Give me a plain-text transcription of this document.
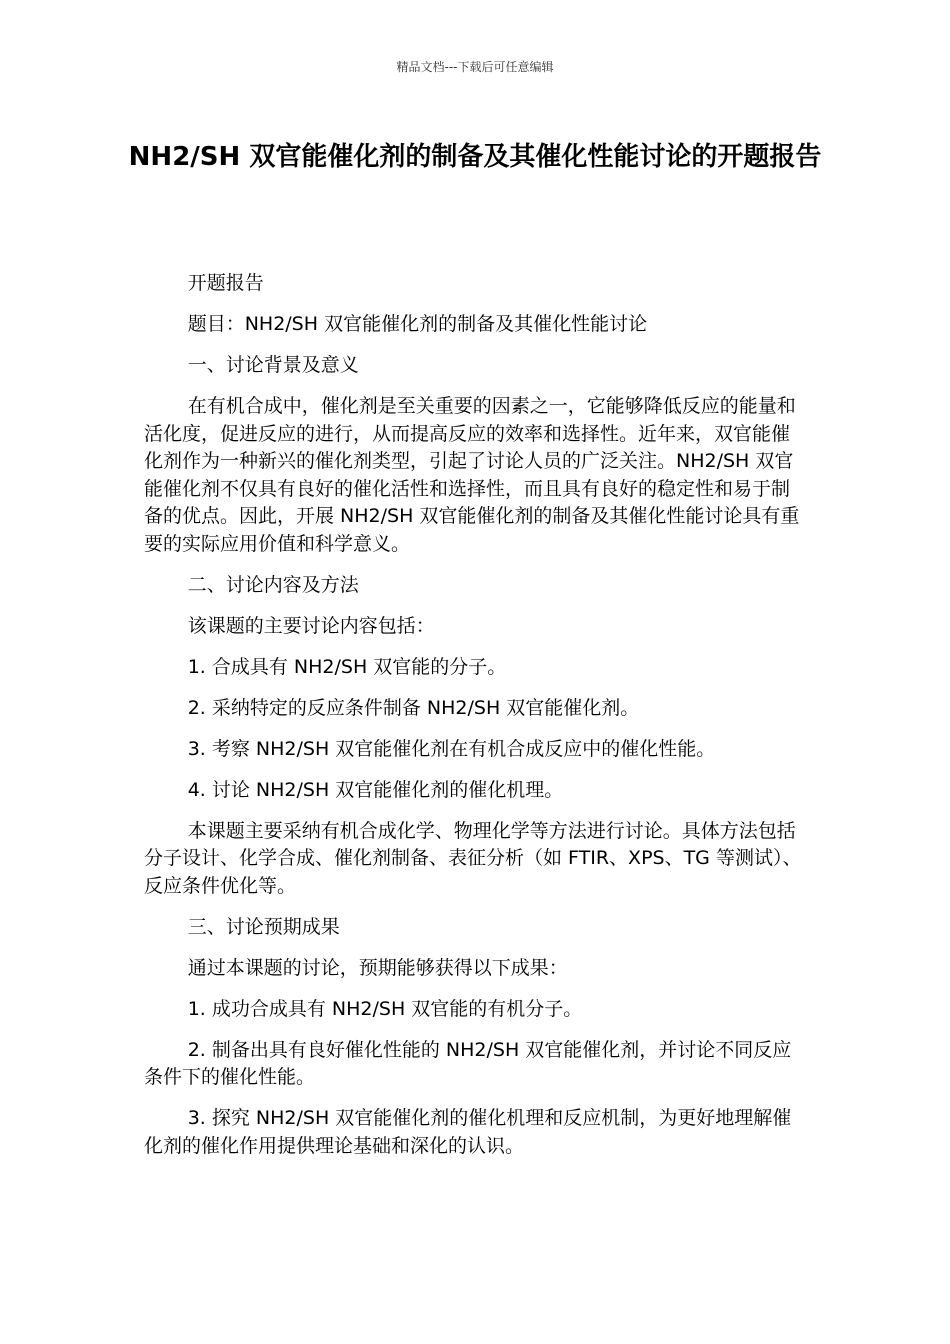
精品文档---下载后可任意编辑
NH2/SH 双官能催化剂的制备及其催化性能讨论的开题报告

开题报告

题目：NH2/SH 双官能催化剂的制备及其催化性能讨论

一、讨论背景及意义

在有机合成中，催化剂是至关重要的因素之一，它能够降低反应的能量和活化度，促进反应的进行，从而提高反应的效率和选择性。近年来，双官能催化剂作为一种新兴的催化剂类型，引起了讨论人员的广泛关注。NH2/SH 双官能催化剂不仅具有良好的催化活性和选择性，而且具有良好的稳定性和易于制备的优点。因此，开展 NH2/SH 双官能催化剂的制备及其催化性能讨论具有重要的实际应用价值和科学意义。

二、讨论内容及方法

该课题的主要讨论内容包括：

1. 合成具有 NH2/SH 双官能的分子。

2. 采纳特定的反应条件制备 NH2/SH 双官能催化剂。

3. 考察 NH2/SH 双官能催化剂在有机合成反应中的催化性能。

4. 讨论 NH2/SH 双官能催化剂的催化机理。

本课题主要采纳有机合成化学、物理化学等方法进行讨论。具体方法包括分子设计、化学合成、催化剂制备、表征分析（如 FTIR、XPS、TG 等测试）、反应条件优化等。

三、讨论预期成果

通过本课题的讨论，预期能够获得以下成果：

1. 成功合成具有 NH2/SH 双官能的有机分子。

2. 制备出具有良好催化性能的 NH2/SH 双官能催化剂，并讨论不同反应条件下的催化性能。

3. 探究 NH2/SH 双官能催化剂的催化机理和反应机制，为更好地理解催化剂的催化作用提供理论基础和深化的认识。
